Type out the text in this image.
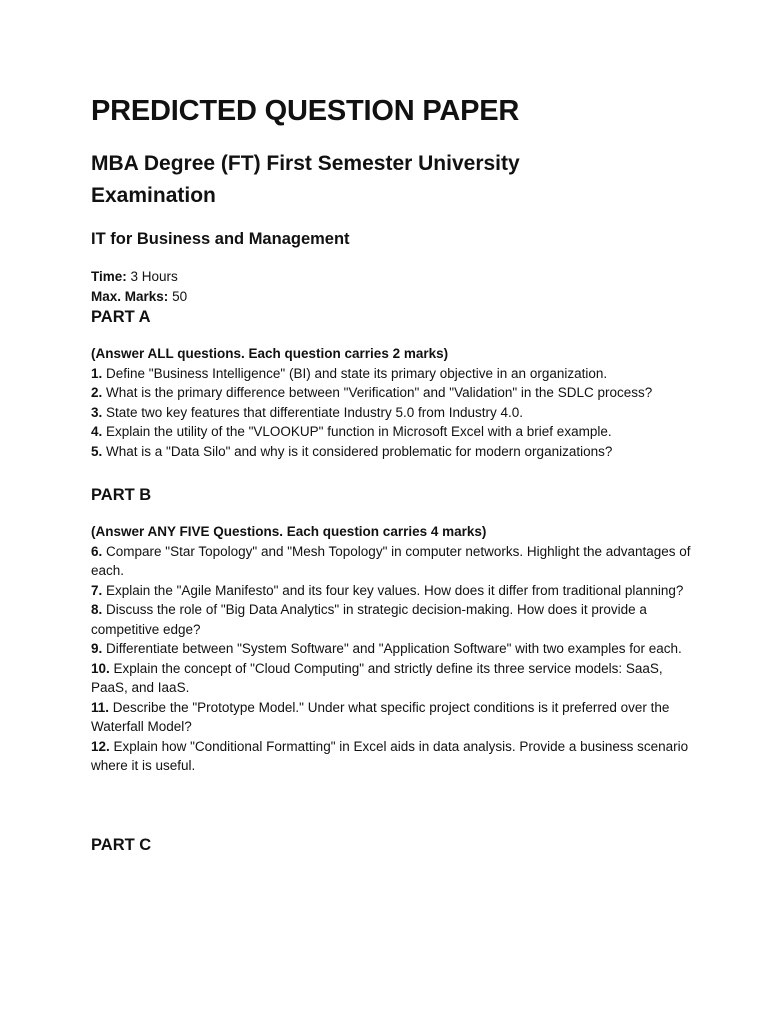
PREDICTED QUESTION PAPER
MBA Degree (FT) First Semester University Examination
IT for Business and Management
Time: 3 Hours
Max. Marks: 50
PART A
(Answer ALL questions. Each question carries 2 marks)
1. Define "Business Intelligence" (BI) and state its primary objective in an organization.
2. What is the primary difference between "Verification" and "Validation" in the SDLC process?
3. State two key features that differentiate Industry 5.0 from Industry 4.0.
4. Explain the utility of the "VLOOKUP" function in Microsoft Excel with a brief example.
5. What is a "Data Silo" and why is it considered problematic for modern organizations?
PART B
(Answer ANY FIVE Questions. Each question carries 4 marks)
6. Compare "Star Topology" and "Mesh Topology" in computer networks. Highlight the advantages of each.
7. Explain the "Agile Manifesto" and its four key values. How does it differ from traditional planning?
8. Discuss the role of "Big Data Analytics" in strategic decision-making. How does it provide a competitive edge?
9. Differentiate between "System Software" and "Application Software" with two examples for each.
10. Explain the concept of "Cloud Computing" and strictly define its three service models: SaaS, PaaS, and IaaS.
11. Describe the "Prototype Model." Under what specific project conditions is it preferred over the Waterfall Model?
12. Explain how "Conditional Formatting" in Excel aids in data analysis. Provide a business scenario where it is useful.
PART C
